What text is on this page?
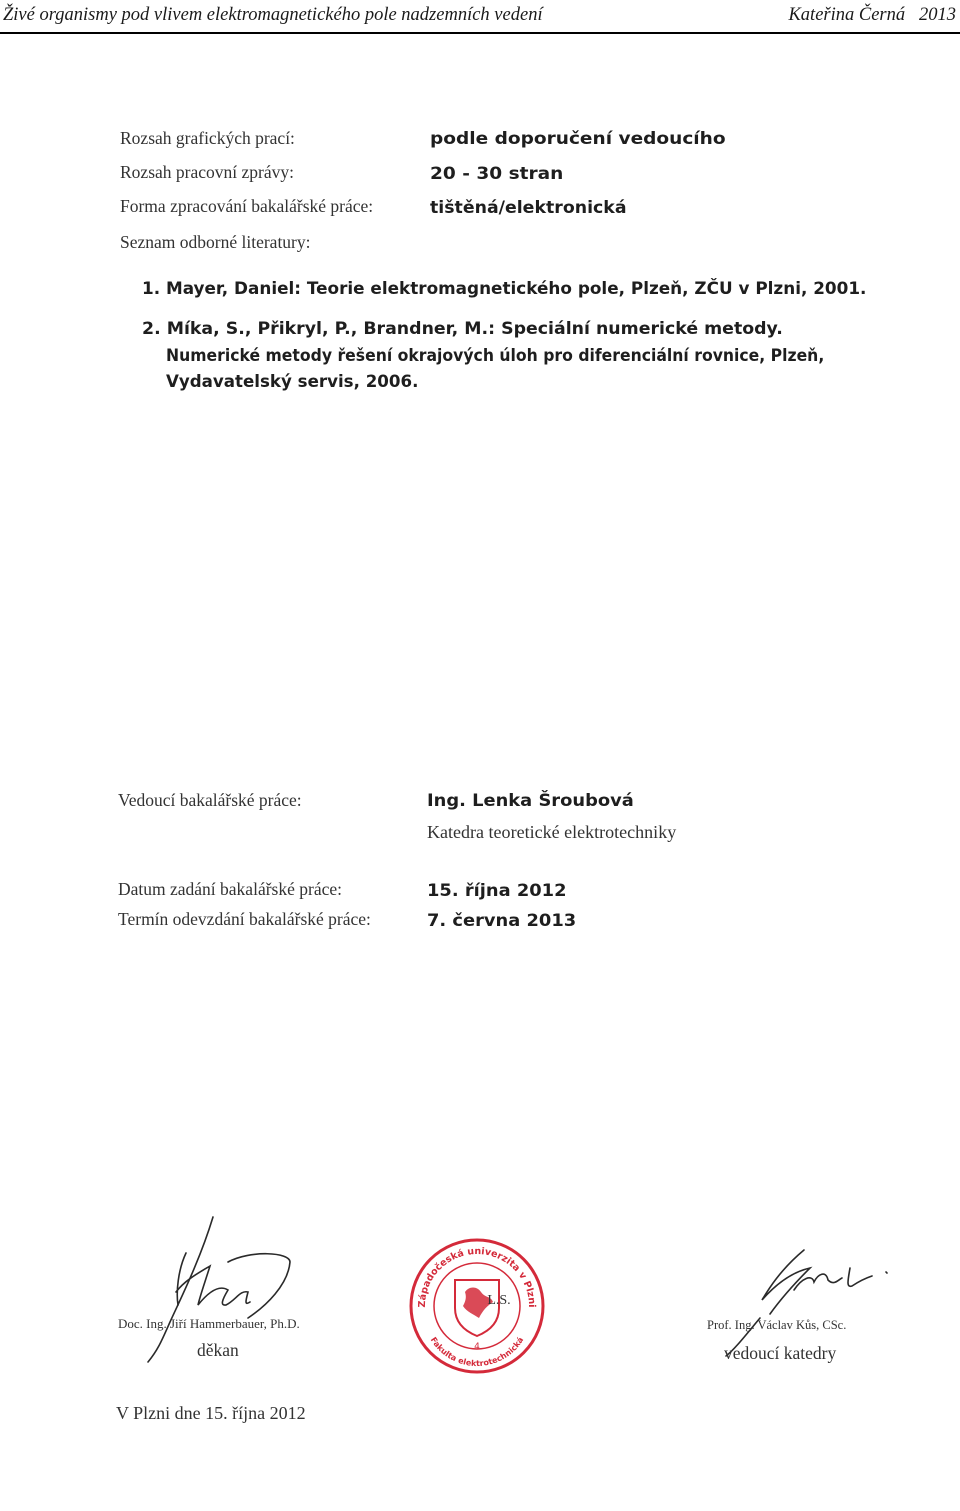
Živé organismy pod vlivem elektromagnetického pole nadzemních vedení	Kateřina Černá 2013
Rozsah grafických prací:	podle doporučení vedoucího
Rozsah pracovní zprávy:	20 - 30 stran
Forma zpracování bakalářské práce:	tištěná/elektronická
Seznam odborné literatury:
1. Mayer, Daniel: Teorie elektromagnetického pole, Plzeň, ZČU v Plzni, 2001.
2. Míka, S., Přikryl, P., Brandner, M.: Speciální numerické metody.
Numerické metody řešení okrajových úloh pro diferenciální rovnice, Plzeň,
Vydavatelský servis, 2006.
Vedoucí bakalářské práce:	Ing. Lenka Šroubová
Katedra teoretické elektrotechniky
Datum zadání bakalářské práce:	15. října 2012
Termín odevzdání bakalářské práce:	7. června 2013
Doc. Ing. Jiří Hammerbauer, Ph.D.
děkan
Západočeská univerzita v Plzni
Fakulta elektrotechnická
4
L.S.
Prof. Ing. Václav Kůs, CSc.
vedoucí katedry
V Plzni dne 15. října 2012
